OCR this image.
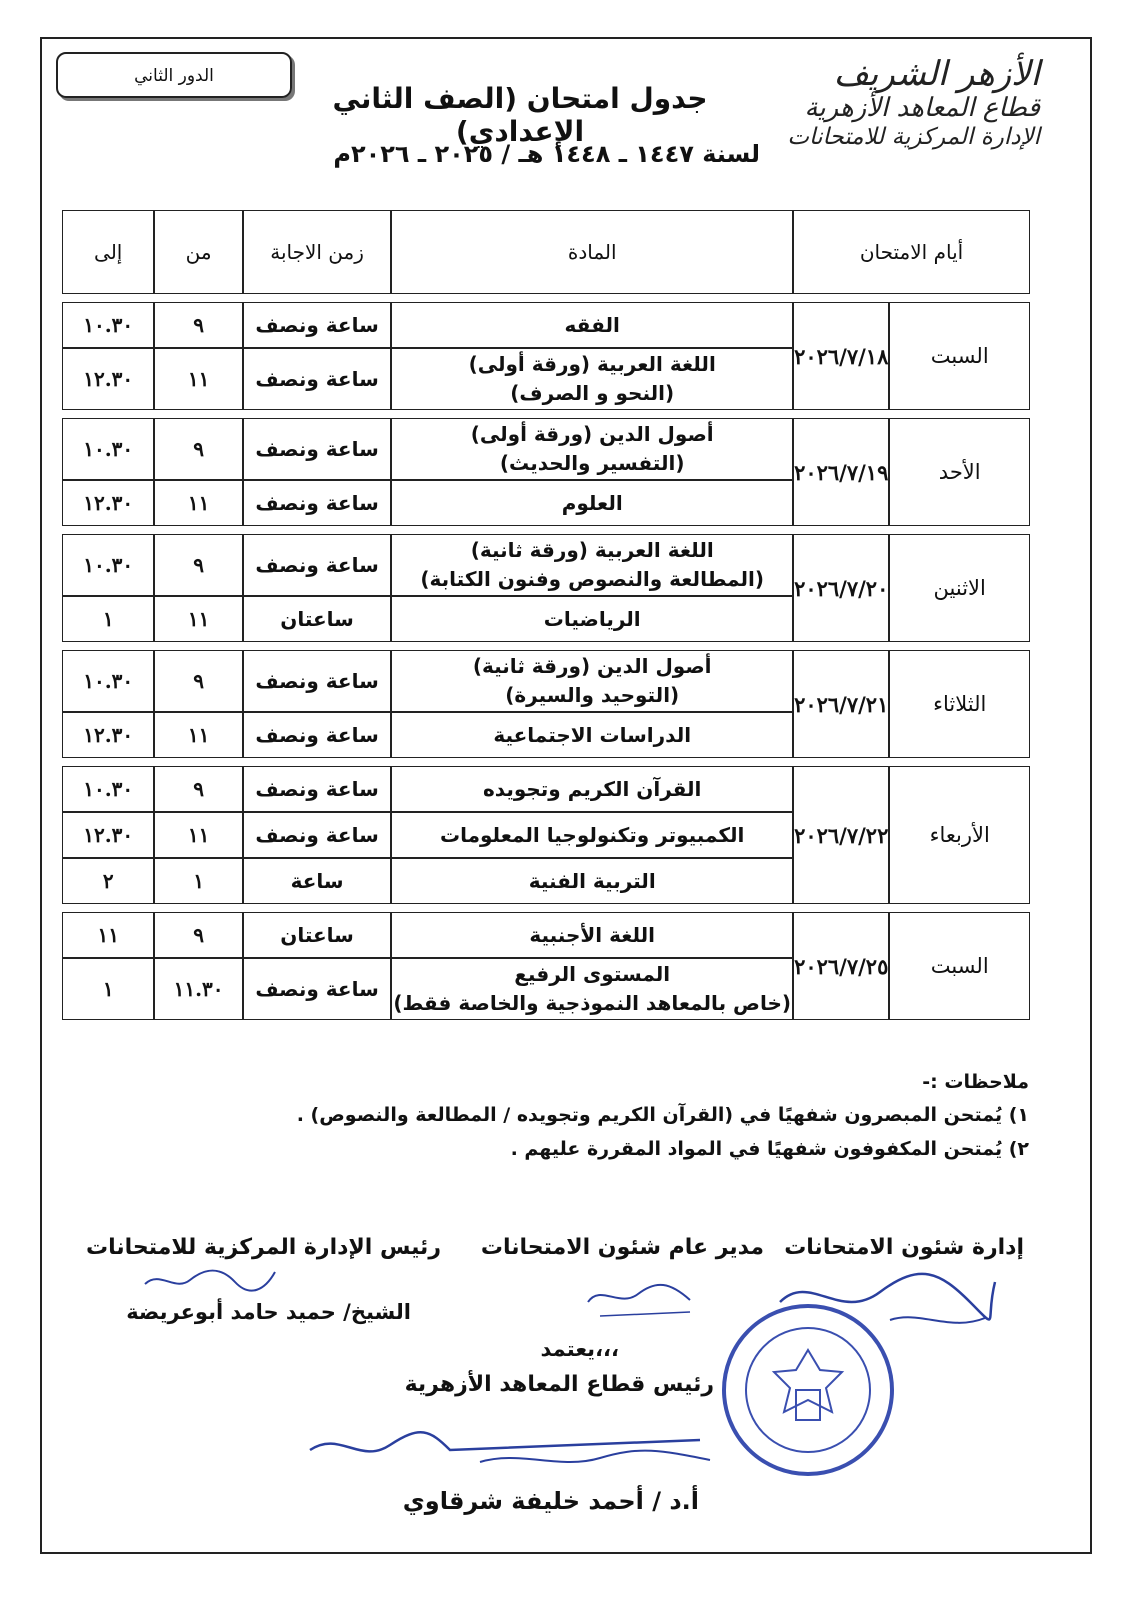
الأزهر الشريف
قطاع المعاهد الأزهرية
الإدارة المركزية للامتحانات
الدور الثاني
جدول امتحان (الصف الثاني الإعدادي)
لسنة ١٤٤٧ ـ ١٤٤٨ هـ / ٢٠٢٥ ـ ٢٠٢٦م
أيام الامتحان		المادة	زمن الاجابة	من	إلى

السبت	٢٠٢٦/٧/١٨	الفقه	ساعة ونصف	٩	١٠.٣٠

		اللغة العربية (ورقة أولى)
(النحو و الصرف)	ساعة ونصف	١١	١٢.٣٠

الأحد	٢٠٢٦/٧/١٩	أصول الدين (ورقة أولى)
(التفسير والحديث)	ساعة ونصف	٩	١٠.٣٠

		العلوم	ساعة ونصف	١١	١٢.٣٠

الاثنين	٢٠٢٦/٧/٢٠	اللغة العربية (ورقة ثانية)
(المطالعة والنصوص وفنون الكتابة)	ساعة ونصف	٩	١٠.٣٠

		الرياضيات	ساعتان	١١	١

الثلاثاء	٢٠٢٦/٧/٢١	أصول الدين (ورقة ثانية)
(التوحيد والسيرة)	ساعة ونصف	٩	١٠.٣٠

		الدراسات الاجتماعية	ساعة ونصف	١١	١٢.٣٠

الأربعاء	٢٠٢٦/٧/٢٢	القرآن الكريم وتجويده	ساعة ونصف	٩	١٠.٣٠

		الكمبيوتر وتكنولوجيا المعلومات	ساعة ونصف	١١	١٢.٣٠

		التربية الفنية	ساعة	١	٢

السبت	٢٠٢٦/٧/٢٥	اللغة الأجنبية	ساعتان	٩	١١

		المستوى الرفيع
(خاص بالمعاهد النموذجية والخاصة فقط)	ساعة ونصف	١١.٣٠	١
ملاحظات :-
١) يُمتحن المبصرون شفهيًا في (القرآن الكريم وتجويده / المطالعة والنصوص) .
٢) يُمتحن المكفوفون شفهيًا في المواد المقررة عليهم .
إدارة شئون الامتحانات
مدير عام شئون الامتحانات
رئيس الإدارة المركزية للامتحانات
الشيخ/ حميد حامد أبوعريضة
يعتمد،،،
رئيس قطاع المعاهد الأزهرية
أ.د / أحمد خليفة شرقاوي
